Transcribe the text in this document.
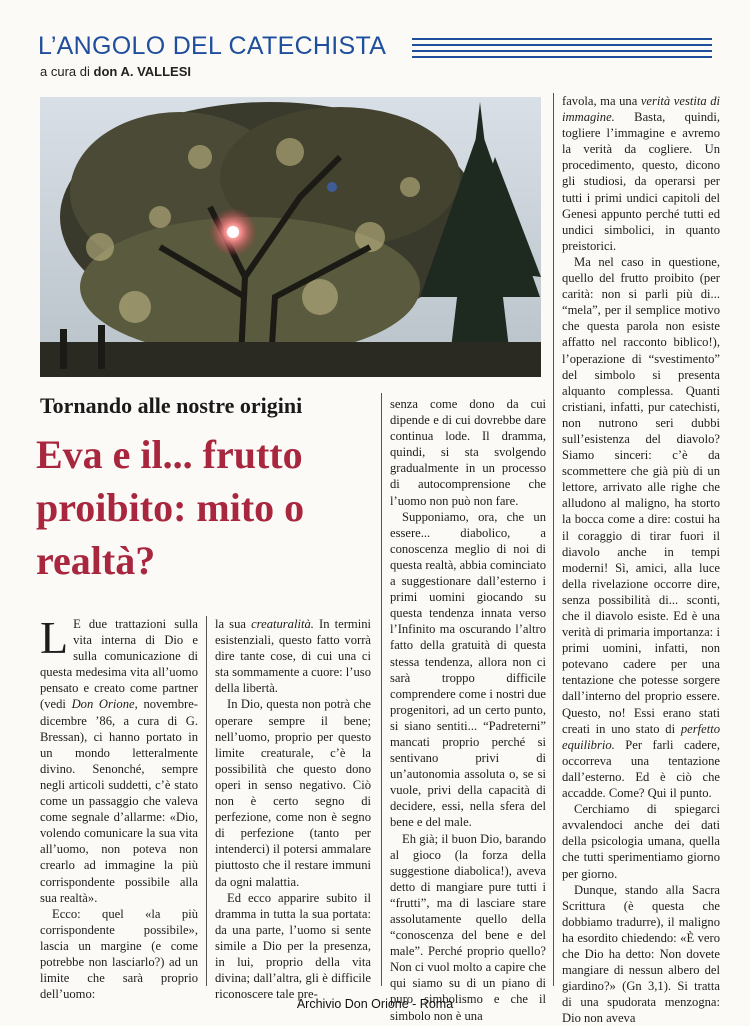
L’ANGOLO DEL CATECHISTA
a cura di don A. VALLESI
Tornando alle nostre origini
Eva e il... frutto proibito: mito o realtà?

L E due trattazioni sulla vita interna di Dio e sulla comunicazione di questa medesima vita all’uomo pensato e creato come partner (vedi Don Orione, novembre-dicembre ’86, a cura di G. Bressan), ci hanno portato in un mondo letteralmente divino. Senonché, sempre negli articoli suddetti, c’è stato come un passaggio che valeva come segnale d’allarme: «Dio, volendo comunicare la sua vita all’uomo, non poteva non crearlo ad immagine la più corrispondente possibile alla sua realtà».

Ecco: quel «la più corrispondente possibile», lascia un margine (e come potrebbe non lasciarlo?) ad un limite che sarà proprio dell’uomo:

la sua creaturalità. In termini esistenziali, questo fatto vorrà dire tante cose, di cui una ci sta sommamente a cuore: l’uso della libertà.

In Dio, questa non potrà che operare sempre il bene; nell’uomo, proprio per questo limite creaturale, c’è la possibilità che questo dono operi in senso negativo. Ciò non è certo segno di perfezione, come non è segno di perfezione (tanto per intenderci) il potersi ammalare piuttosto che il restare immuni da ogni malattia.

Ed ecco apparire subito il dramma in tutta la sua portata: da una parte, l’uomo si sente simile a Dio per la presenza, in lui, proprio della vita divina; dall’altra, gli è difficile riconoscere tale pre-

senza come dono da cui dipende e di cui dovrebbe dare continua lode. Il dramma, quindi, si sta svolgendo gradualmente in un processo di autocomprensione che l’uomo non può non fare.

Supponiamo, ora, che un essere... diabolico, a conoscenza meglio di noi di questa realtà, abbia cominciato a suggestionare dall’esterno i primi uomini giocando su questa tendenza innata verso l’Infinito ma oscurando l’altro fatto della gratuità di questa stessa tendenza, allora non ci sarà troppo difficile comprendere come i nostri due progenitori, ad un certo punto, si siano sentiti... “Padreterni” mancati proprio perché si sentivano privi di un’autonomia assoluta o, se si vuole, privi della capacità di decidere, essi, nella sfera del bene e del male.

Eh già; il buon Dio, barando al gioco (la forza della suggestione diabolica!), aveva detto di mangiare pure tutti i “frutti”, ma di lasciare stare assolutamente quello della “conoscenza del bene e del male”. Perché proprio quello? Non ci vuol molto a capire che qui siamo su di un piano di puro simbolismo e che il simbolo non è una

favola, ma una verità vestita di immagine. Basta, quindi, togliere l’immagine e avremo la verità da cogliere. Un procedimento, questo, dicono gli studiosi, da operarsi per tutti i primi undici capitoli del Genesi appunto perché tutti ed undici simbolici, in quanto preistorici.

Ma nel caso in questione, quello del frutto proibito (per carità: non si parli più di... “mela”, per il semplice motivo che questa parola non esiste affatto nel racconto biblico!), l’operazione di “svestimento” del simbolo si presenta alquanto complessa. Quanti cristiani, infatti, pur catechisti, non nutrono seri dubbi sull’esistenza del diavolo? Siamo sinceri: c’è da scommettere che già più di un lettore, arrivato alle righe che alludono al maligno, ha storto la bocca come a dire: costui ha il coraggio di tirar fuori il diavolo anche in tempi moderni! Sì, amici, alla luce della rivelazione occorre dire, senza possibilità di... sconti, che il diavolo esiste. Ed è una verità di primaria importanza: i primi uomini, infatti, non potevano cadere per una tentazione che potesse sorgere dall’interno del proprio essere. Questo, no! Essi erano stati creati in uno stato di perfetto equilibrio. Per farli cadere, occorreva una tentazione dall’esterno. Ed è ciò che accadde. Come? Qui il punto.

Cerchiamo di spiegarci avvalendoci anche dei dati della psicologia umana, quella che tutti sperimentiamo giorno per giorno.

Dunque, stando alla Sacra Scrittura (è questa che dobbiamo tradurre), il maligno ha esordito chiedendo: «È vero che Dio ha detto: Non dovete mangiare di nessun albero del giardino?» (Gn 3,1). Si tratta di una spudorata menzogna: Dio non aveva

Archivio Don Orione - Roma
